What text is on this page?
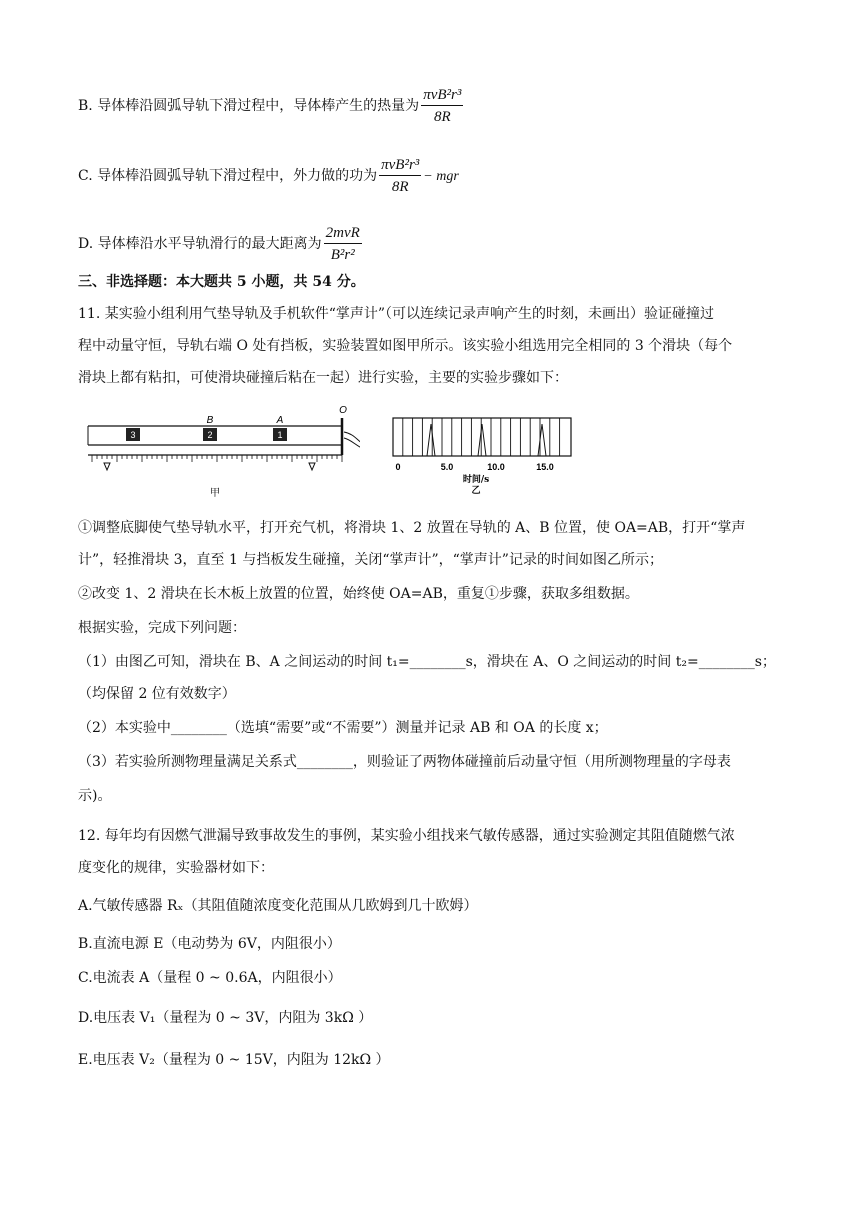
B. 导体棒沿圆弧导轨下滑过程中，导体棒产生的热量为 $\frac{\text{πvB²r³}}{8R}$
C. 导体棒沿圆弧导轨下滑过程中，外力做的功为 $\frac{\text{πvB²r³}}{8R}$ − mgr
D. 导体棒沿水平导轨滑行的最大距离为 $\frac{\text{2mvR}}{\text{B²r²}}$
三、非选择题：本大题共 5 小题，共 54 分。
11. 某实验小组利用气垫导轨及手机软件“掌声计”（可以连续记录声响产生的时刻，未画出）验证碰撞过
程中动量守恒，导轨右端 O 处有挡板，实验装置如图甲所示。该实验小组选用完全相同的 3 个滑块（每个
滑块上都有粘扣，可使滑块碰撞后粘在一起）进行实验，主要的实验步骤如下：
3	2	1
B	A
O
甲
0	5.0	10.0	15.0
时间/s
乙
①调整底脚使气垫导轨水平，打开充气机，将滑块 1、2 放置在导轨的 A、B 位置，使 OA=AB，打开“掌声
计”，轻推滑块 3，直至 1 与挡板发生碰撞，关闭“掌声计”，“掌声计”记录的时间如图乙所示；
②改变 1、2 滑块在长木板上放置的位置，始终使 OA=AB，重复①步骤，获取多组数据。
根据实验，完成下列问题：
（1）由图乙可知，滑块在 B、A 之间运动的时间 t₁=________s，滑块在 A、O 之间运动的时间 t₂=________s；
（均保留 2 位有效数字）
（2）本实验中________（选填“需要”或“不需要”）测量并记录 AB 和 OA 的长度 x；
（3）若实验所测物理量满足关系式________，则验证了两物体碰撞前后动量守恒（用所测物理量的字母表
示)。
12. 每年均有因燃气泄漏导致事故发生的事例，某实验小组找来气敏传感器，通过实验测定其阻值随燃气浓
度变化的规律，实验器材如下：
A.气敏传感器 Rₓ（其阻值随浓度变化范围从几欧姆到几十欧姆）
B.直流电源 E（电动势为 6V，内阻很小）
C.电流表 A（量程 0 ~ 0.6A，内阻很小）
D.电压表 V₁（量程为 0 ~ 3V，内阻为 3kΩ ）
E.电压表 V₂（量程为 0 ~ 15V，内阻为 12kΩ ）
